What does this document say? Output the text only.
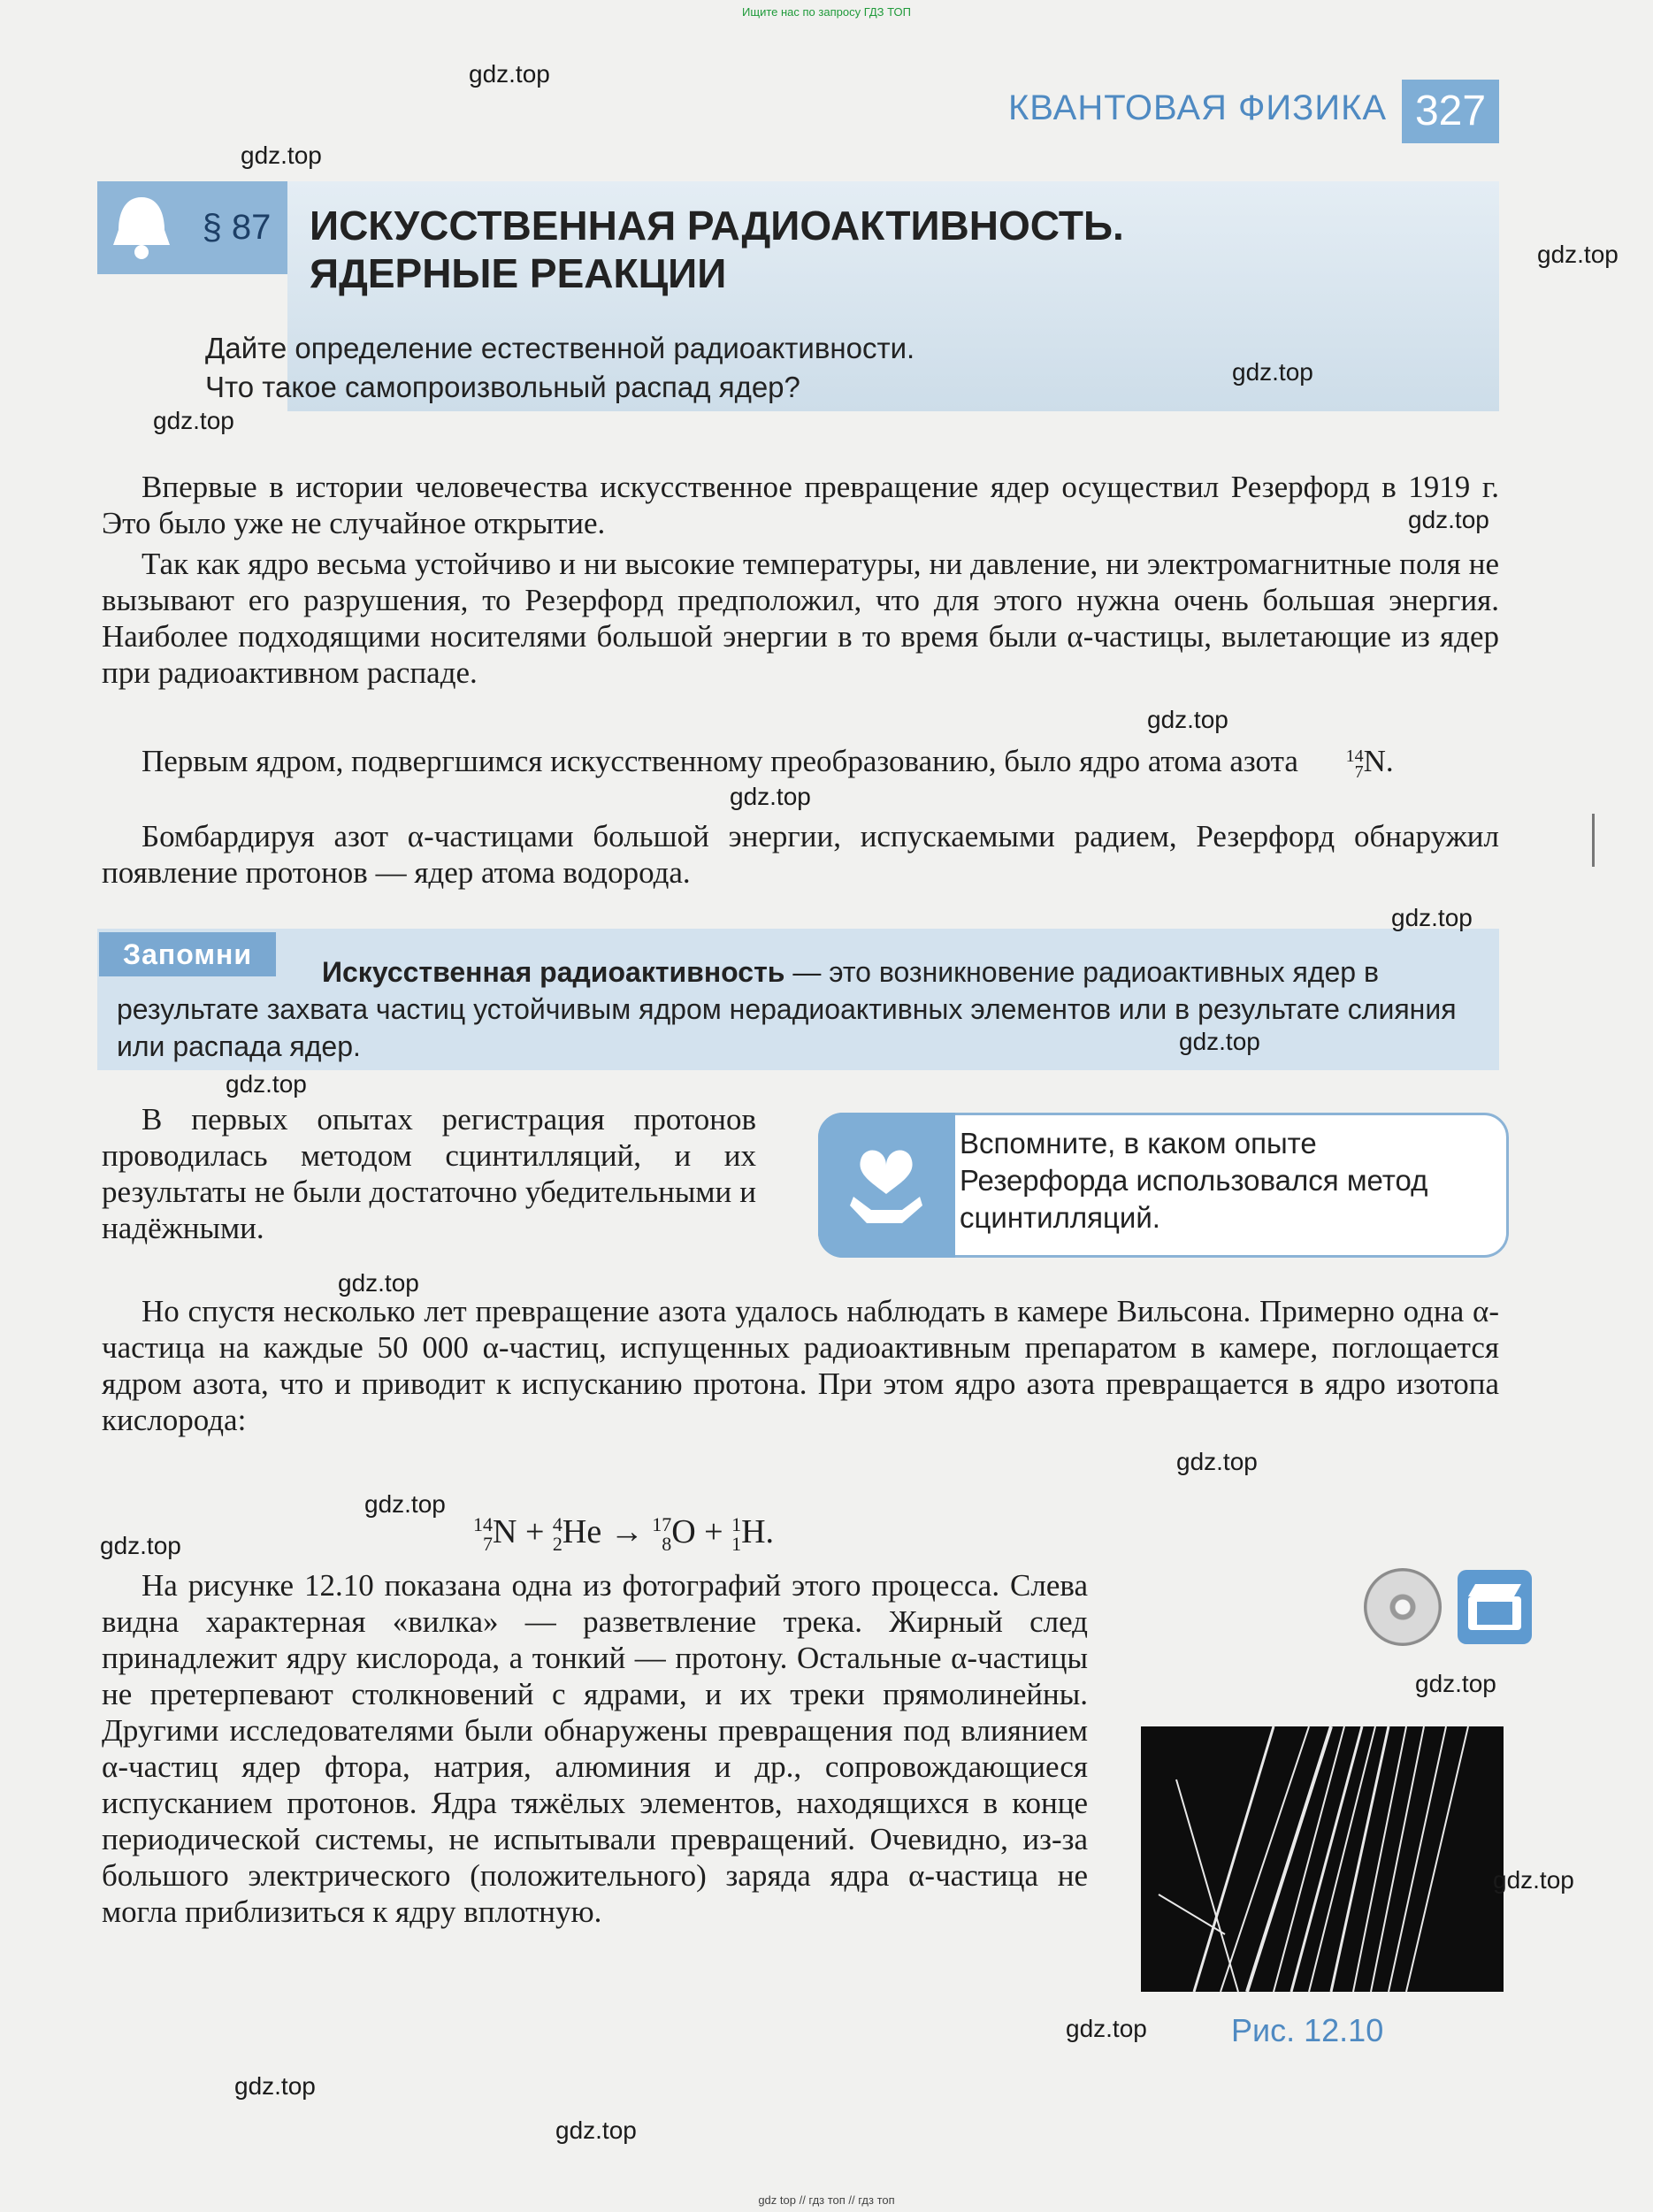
Ищите нас по запросу ГДЗ ТОП
КВАНТОВАЯ ФИЗИКА 327
§ 87 ИСКУССТВЕННАЯ РАДИОАКТИВНОСТЬ.
ЯДЕРНЫЕ РЕАКЦИИ
Дайте определение естественной радиоактивности.
Что такое самопроизвольный распад ядер?
Впервые в истории человечества искусственное превращение ядер осуществил Резерфорд в 1919 г. Это было уже не случайное открытие.
Так как ядро весьма устойчиво и ни высокие температуры, ни давление, ни электромагнитные поля не вызывают его разрушения, то Резерфорд предположил, что для этого нужна очень большая энергия. Наиболее подходящими носителями большой энергии в то время были α-частицы, вылетающие из ядер при радиоактивном распаде.
Первым ядром, подвергшимся искусственному преобразованию, было ядро атома азота	14
7 N.
Бомбардируя азот α-частицами большой энергии, испускаемыми радием, Резерфорд обнаружил появление протонов — ядер атома водорода.
Запомни
Искусственная радиоактивность — это возникновение радиоактивных ядер в результате захвата частиц устойчивым ядром нерадиоактивных элементов или в результате слияния или распада ядер.
В первых опытах регистрация протонов проводилась методом сцинтилляций, и их результаты не были достаточно убедительными и надёжными.
Вспомните, в каком опыте Резерфорда использовался метод сцинтилляций.
Но спустя несколько лет превращение азота удалось наблюдать в камере Вильсона. Примерно одна α-частица на каждые 50 000 α-частиц, испущенных радиоактивным препаратом в камере, поглощается ядром азота, что и приводит к испусканию протона. При этом ядро азота превращается в ядро изотопа кислорода:
14
7 N + 4
2 He → 17
8 O + 1
1 H.
На рисунке 12.10 показана одна из фотографий этого процесса. Слева видна характерная «вилка» — разветвление трека. Жирный след принадлежит ядру кислорода, а тонкий — протону. Остальные α-частицы не претерпевают столкновений с ядрами, и их треки прямолинейны. Другими исследователями были обнаружены превращения под влиянием α-частиц ядер фтора, натрия, алюминия и др., сопровождающиеся испусканием протонов. Ядра тяжёлых элементов, находящихся в конце периодической системы, не испытывали превращений. Очевидно, из-за большого электрического (положительного) заряда ядра α-частица не могла приблизиться к ядру вплотную.
Рис. 12.10
gdz.top
gdz.top
gdz.top
gdz.top
gdz.top
gdz.top
gdz.top
gdz.top
gdz.top
gdz.top
gdz.top
gdz.top
gdz.top
gdz.top
gdz.top
gdz.top
gdz.top
gdz.top
gdz.top
gdz.top
gdz top // гдз топ // гдз топ
